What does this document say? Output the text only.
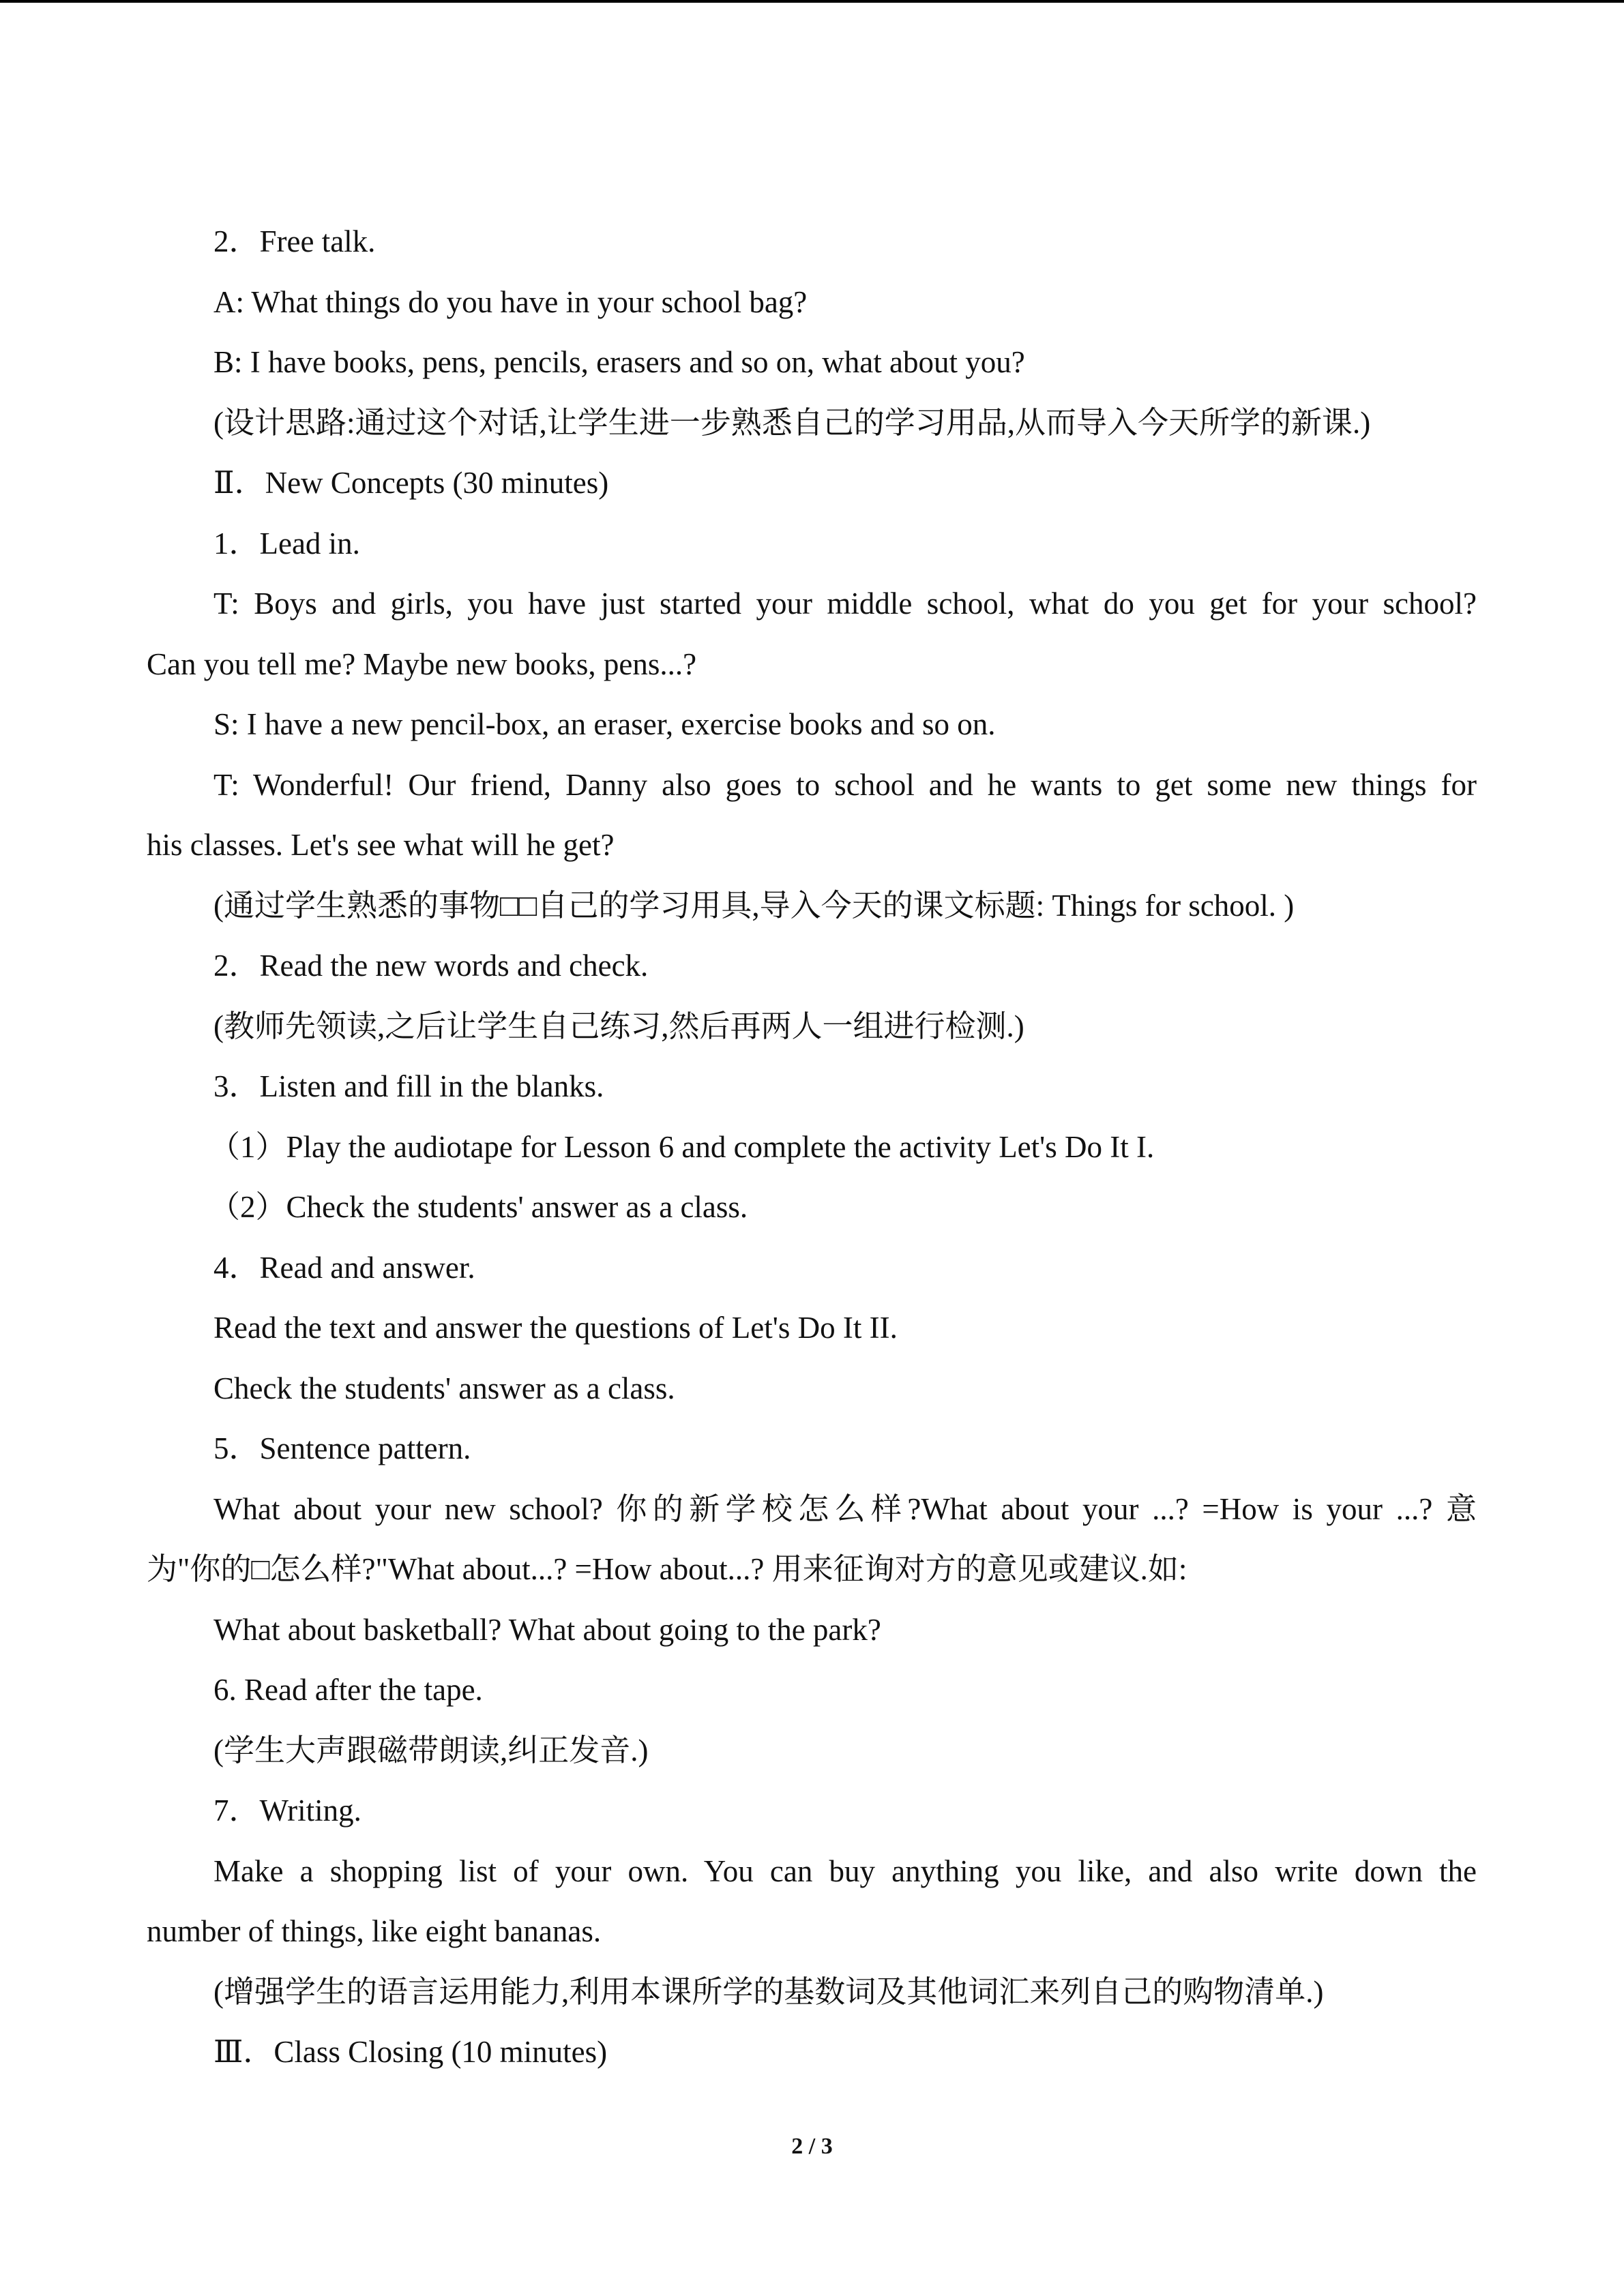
2．Free talk.

A: What things do you have in your school bag?

B: I have books, pens, pencils, erasers and so on, what about you?

(设计思路:通过这个对话,让学生进一步熟悉自己的学习用品,从而导入今天所学的新课.)

Ⅱ．New Concepts (30 minutes)

1．Lead in.

T: Boys and girls, you have just started your middle school, what do you get for your school?

Can you tell me? Maybe new books, pens...?

S: I have a new pencil-box, an eraser, exercise books and so on.

T: Wonderful! Our friend, Danny also goes to school and he wants to get some new things for

his classes. Let's see what will he get?

(通过学生熟悉的事物□□自己的学习用具,导入今天的课文标题: Things for school. )

2．Read the new words and check.

(教师先领读,之后让学生自己练习,然后再两人一组进行检测.)

3．Listen and fill in the blanks.

（1）Play the audiotape for Lesson 6 and complete the activity Let's Do It I.

（2）Check the students' answer as a class.

4．Read and answer.

Read the text and answer the questions of Let's Do It II.

Check the students' answer as a class.

5．Sentence pattern.

What about your new school? 你的新学校怎么样?What about your ...? =How is your ...? 意

为"你的□怎么样?"What about...? =How about...? 用来征询对方的意见或建议.如:

What about basketball? What about going to the park?

6. Read after the tape.

(学生大声跟磁带朗读,纠正发音.)

7．Writing.

Make a shopping list of your own. You can buy anything you like, and also write down the

number of things, like eight bananas.

(增强学生的语言运用能力,利用本课所学的基数词及其他词汇来列自己的购物清单.)

Ⅲ．Class Closing (10 minutes)

2 / 3
